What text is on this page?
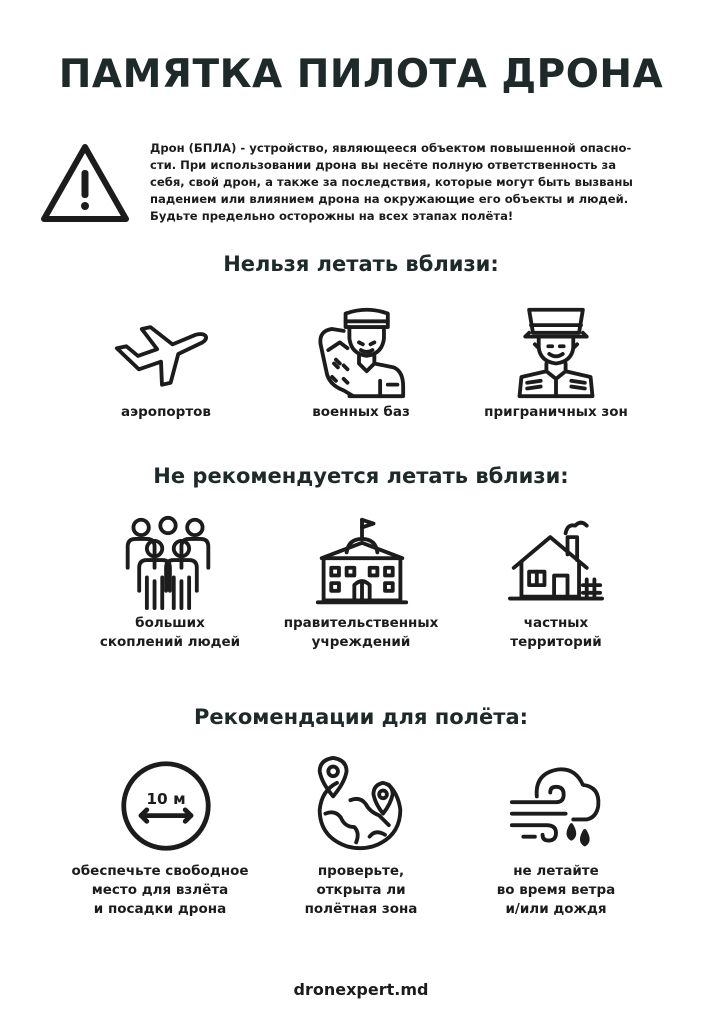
ПАМЯТКА ПИЛОТА ДРОНА
Дрон (БПЛА) - устройство, являющееся объектом повышенной опасно-
сти. При использовании дрона вы несёте полную ответственность за
себя, свой дрон, а также за последствия, которые могут быть вызваны
падением или влиянием дрона на окружающие его объекты и людей.
Будьте предельно осторожны на всех этапах полёта!
Нельзя летать вблизи:
аэропортов	военных баз	приграничных зон
Не рекомендуется летать вблизи:
больших
скоплений людей
правительственных
учреждений
частных
территорий
Рекомендации для полёта:
10 м
обеспечьте свободное
место для взлёта
и посадки дрона
проверьте,
открыта ли
полётная зона
не летайте
во время ветра
и/или дождя
dronexpert.md
